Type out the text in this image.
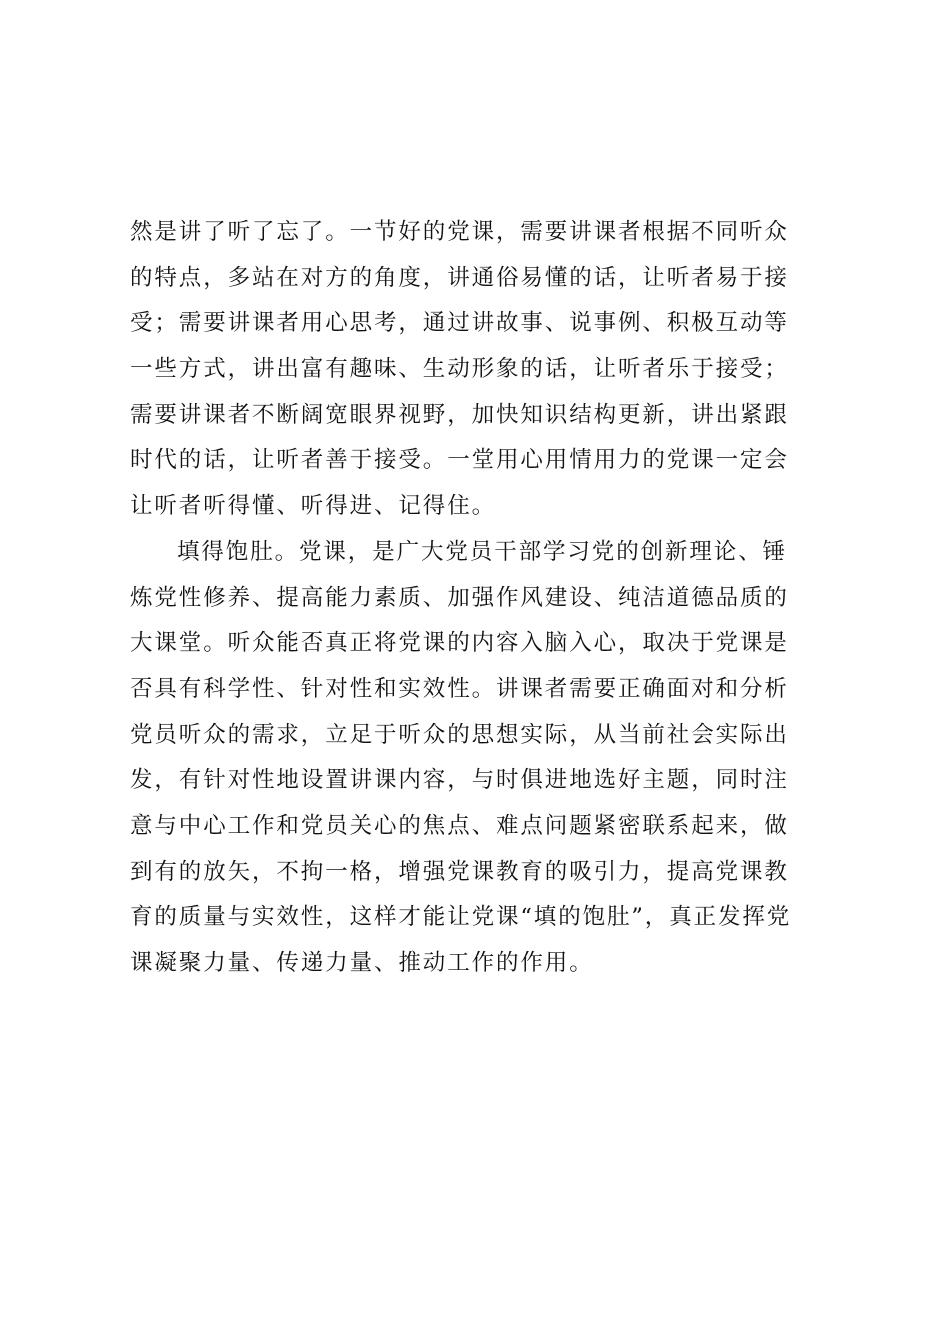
然是讲了听了忘了。一节好的党课，需要讲课者根据不同听众
的特点，多站在对方的角度，讲通俗易懂的话，让听者易于接
受；需要讲课者用心思考，通过讲故事、说事例、积极互动等
一些方式，讲出富有趣味、生动形象的话，让听者乐于接受；
需要讲课者不断阔宽眼界视野，加快知识结构更新，讲出紧跟
时代的话，让听者善于接受。一堂用心用情用力的党课一定会
让听者听得懂、听得进、记得住。

填得饱肚。党课，是广大党员干部学习党的创新理论、锤
炼党性修养、提高能力素质、加强作风建设、纯洁道德品质的
大课堂。听众能否真正将党课的内容入脑入心，取决于党课是
否具有科学性、针对性和实效性。讲课者需要正确面对和分析
党员听众的需求，立足于听众的思想实际，从当前社会实际出
发，有针对性地设置讲课内容，与时俱进地选好主题，同时注
意与中心工作和党员关心的焦点、难点问题紧密联系起来，做
到有的放矢，不拘一格，增强党课教育的吸引力，提高党课教
育的质量与实效性，这样才能让党课“填的饱肚”，真正发挥党
课凝聚力量、传递力量、推动工作的作用。
